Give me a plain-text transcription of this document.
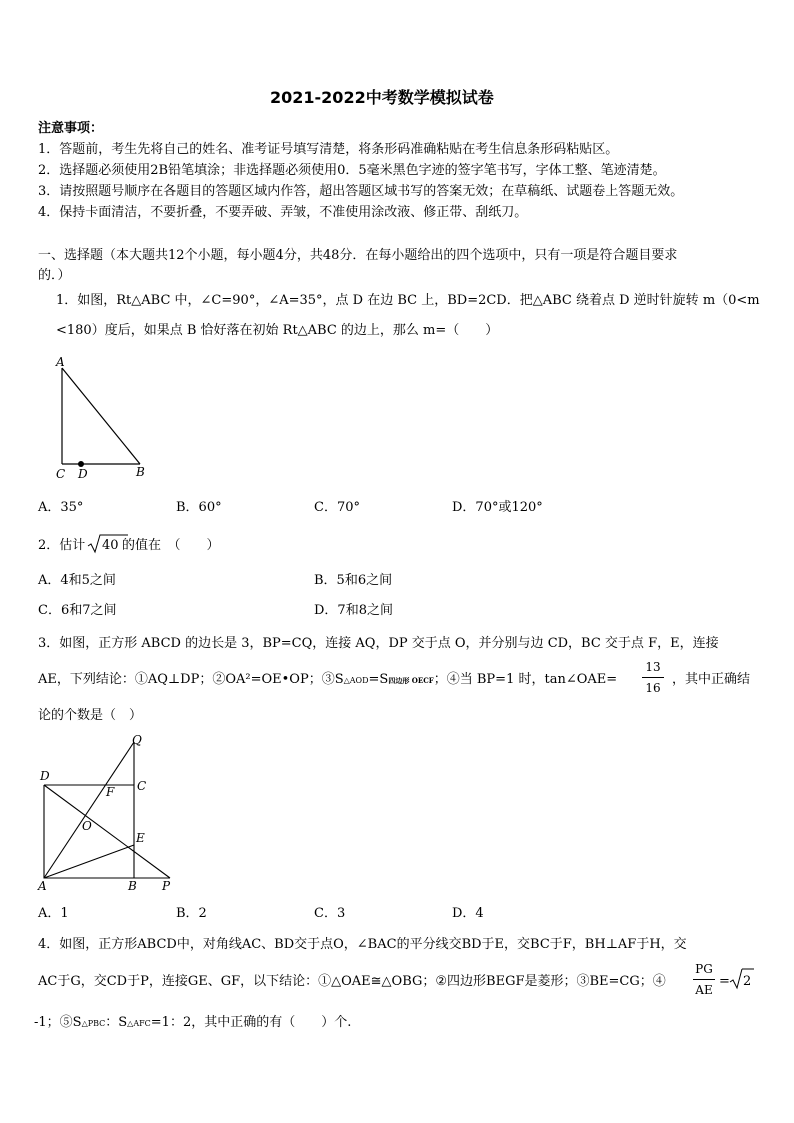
2021-2022中考数学模拟试卷
注意事项：
1．答题前，考生先将自己的姓名、准考证号填写清楚，将条形码准确粘贴在考生信息条形码粘贴区。
2．选择题必须使用2B铅笔填涂；非选择题必须使用0．5毫米黑色字迹的签字笔书写，字体工整、笔迹清楚。
3．请按照题号顺序在各题目的答题区域内作答，超出答题区域书写的答案无效；在草稿纸、试题卷上答题无效。
4．保持卡面清洁，不要折叠，不要弄破、弄皱，不准使用涂改液、修正带、刮纸刀。
一、选择题（本大题共12个小题，每小题4分，共48分．在每小题给出的四个选项中，只有一项是符合题目要求
的．）
1．如图，Rt△ABC 中，∠C=90°，∠A=35°，点 D 在边 BC 上，BD=2CD．把△ABC 绕着点 D 逆时针旋转 m（0<m
<180）度后，如果点 B 恰好落在初始 Rt△ABC 的边上，那么 m=（　　）
A
C D	B
A．35°	B．60°	C．70°	D．70°或120°
2．估计 40 的值在　（　　）
A．4和5之间	B．5和6之间
C．6和7之间	D．7和8之间
3．如图，正方形 ABCD 的边长是 3，BP=CQ，连接 AQ，DP 交于点 O，并分别与边 CD，BC 交于点 F，E，连接
AE，下列结论：①AQ⊥DP；②OA²=OE•OP；③S△AOD=S四边形 OECF；④当 BP=1 时，tan∠OAE=
13
16
，其中正确结
论的个数是（　）
Q
D
C
F
O
E
A	B P
A．1	B．2	C．3	D．4
4．如图，正方形ABCD中，对角线AC、BD交于点O，∠BAC的平分线交BD于E，交BC于F，BH⊥AF于H，交
AC于G，交CD于P，连接GE、GF，以下结论：①△OAE≅△OBG；②四边形BEGF是菱形；③BE=CG；④
PG
AE
= 2
-1；⑤S△PBC：S△AFC=1：2，其中正确的有（　　）个.
